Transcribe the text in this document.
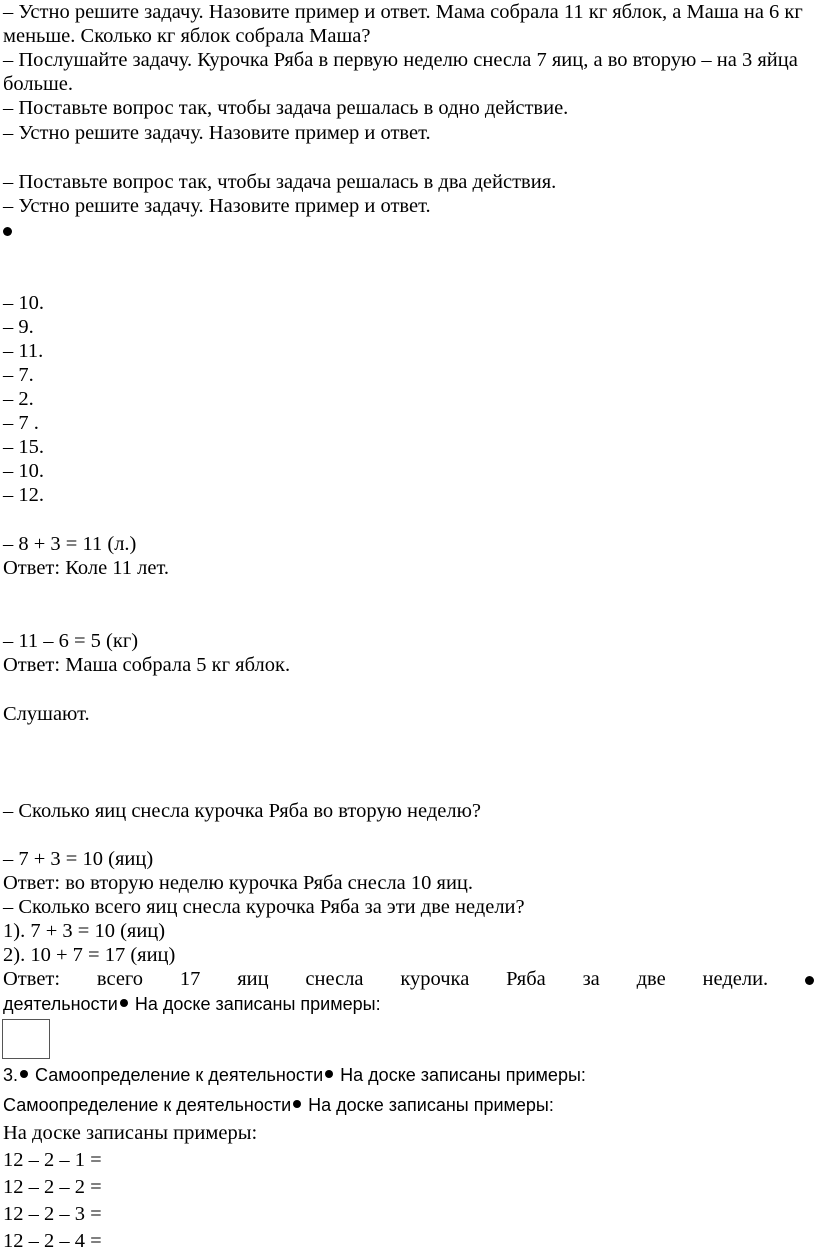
– Устно решите задачу. Назовите пример и ответ. Мама собрала 11 кг яблок, а Маша на 6 кг меньше. Сколько кг яблок собрала Маша?
– Послушайте задачу. Курочка Ряба в первую неделю снесла 7 яиц, а во вторую – на 3 яйца больше.
– Поставьте вопрос так, чтобы задача решалась в одно действие.
– Устно решите задачу. Назовите пример и ответ.
– Поставьте вопрос так, чтобы задача решалась в два действия.
– Устно решите задачу. Назовите пример и ответ.
– 10.
– 9.
– 11.
– 7.
– 2.
– 7 .
– 15.
– 10.
– 12.
– 8 + 3 = 11 (л.)
Ответ: Коле 11 лет.
– 11 – 6 = 5 (кг)
Ответ: Маша собрала 5 кг яблок.
Слушают.
– Сколько яиц снесла курочка Ряба во вторую неделю?
– 7 + 3 = 10 (яиц)
Ответ: во вторую неделю курочка Ряба снесла 10 яиц.
– Сколько всего яиц снесла курочка Ряба за эти две недели?
1). 7 + 3 = 10 (яиц)
2). 10 + 7 = 17 (яиц)
Ответ: всего 17 яиц снесла курочка Ряба за две недели.
деятельности На доске записаны примеры:
3. Самоопределение к деятельности На доске записаны примеры:
Самоопределение к деятельности На доске записаны примеры:
На доске записаны примеры:
12 – 2 – 1 =
12 – 2 – 2 =
12 – 2 – 3 =
12 – 2 – 4 =
